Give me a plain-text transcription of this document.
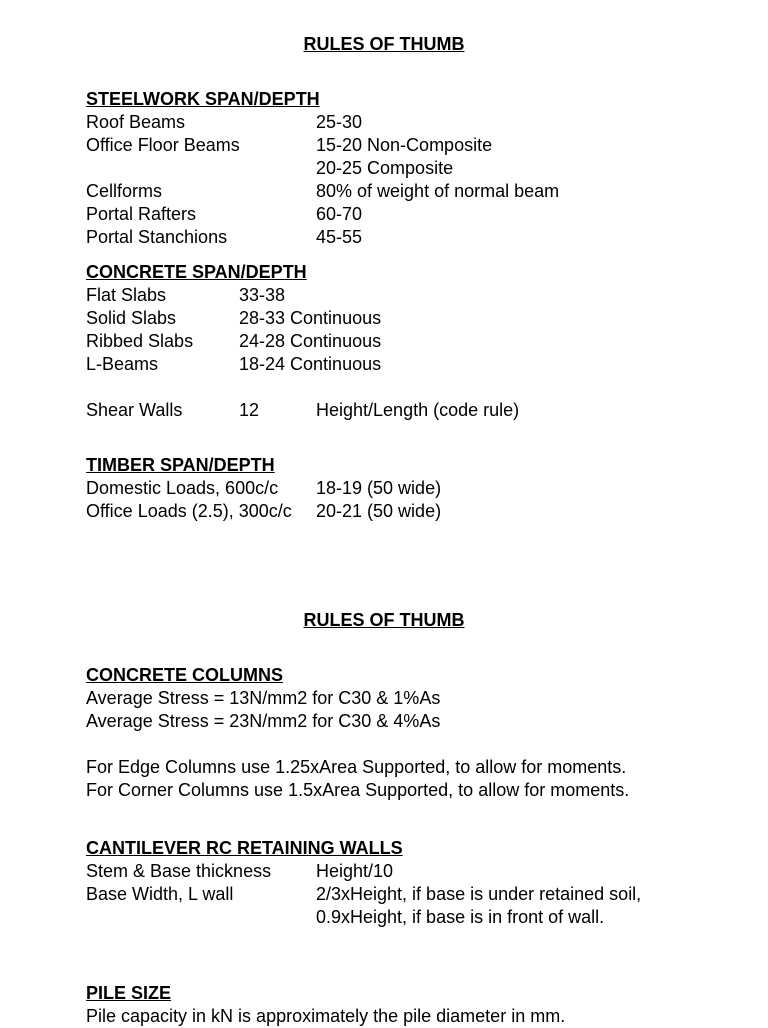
RULES OF THUMB
STEELWORK SPAN/DEPTH
Roof Beams	25-30
Office Floor Beams	15-20 Non-Composite
20-25 Composite
Cellforms	80% of weight of normal beam
Portal Rafters	60-70
Portal Stanchions	45-55
CONCRETE SPAN/DEPTH
Flat Slabs	33-38
Solid Slabs	28-33 Continuous
Ribbed Slabs	24-28 Continuous
L-Beams	18-24 Continuous
Shear Walls	12	Height/Length (code rule)
TIMBER SPAN/DEPTH
Domestic Loads, 600c/c 18-19 (50 wide)
Office Loads (2.5), 300c/c 20-21 (50 wide)
RULES OF THUMB
CONCRETE COLUMNS
Average Stress = 13N/mm2 for C30 & 1%As
Average Stress = 23N/mm2 for C30 & 4%As
For Edge Columns use 1.25xArea Supported, to allow for moments.
For Corner Columns use 1.5xArea Supported, to allow for moments.
CANTILEVER RC RETAINING WALLS
Stem & Base thickness Height/10
Base Width, L wall	2/3xHeight, if base is under retained soil,
0.9xHeight, if base is in front of wall.
PILE SIZE
Pile capacity in kN is approximately the pile diameter in mm.
